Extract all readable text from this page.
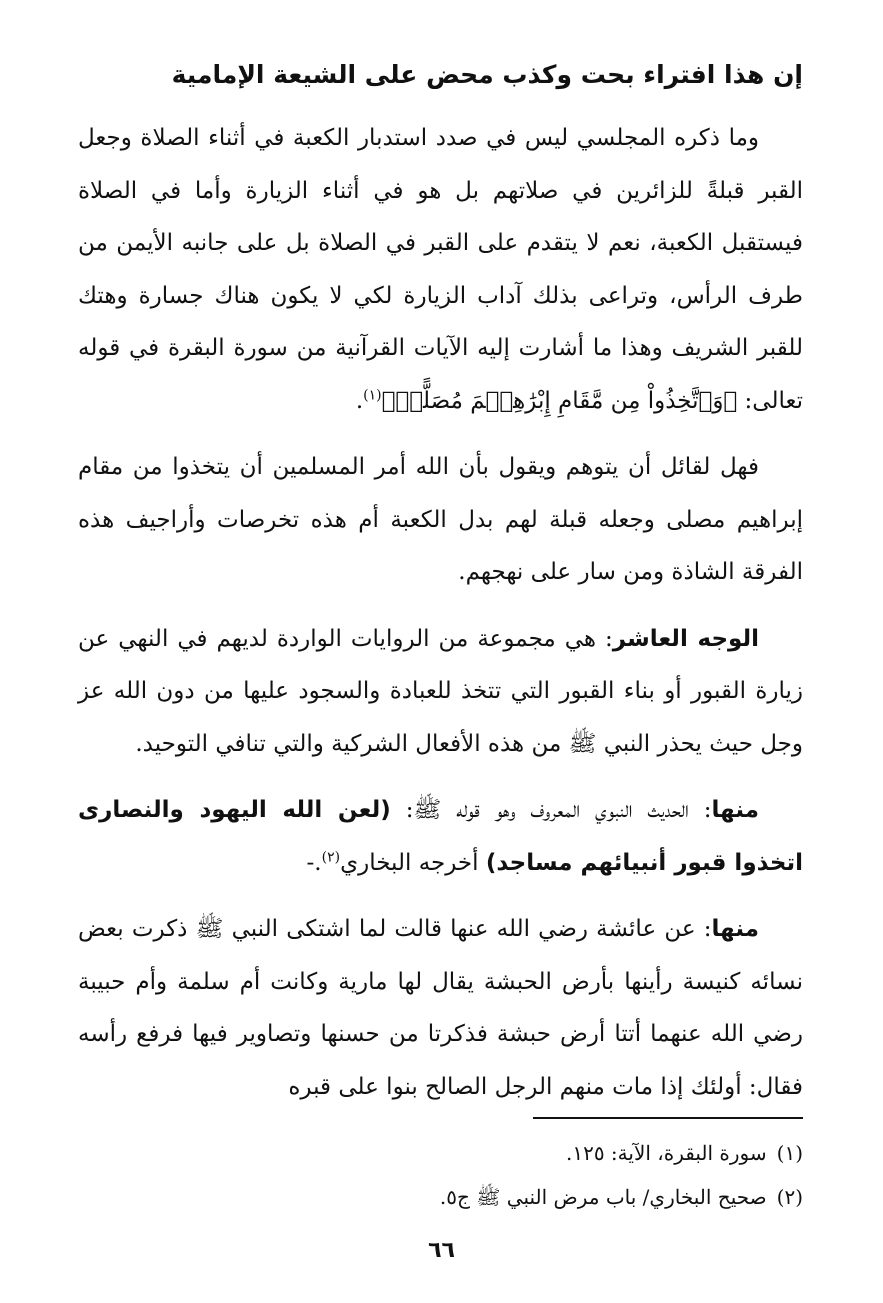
إن هذا افتراء بحت وكذب محض على الشيعة الإمامية

وما ذكره المجلسي ليس في صدد استدبار الكعبة في أثناء الصلاة وجعل القبر قبلةً للزائرين في صلاتهم بل هو في أثناء الزيارة وأما في الصلاة فيستقبل الكعبة، نعم لا يتقدم على القبر في الصلاة بل على جانبه الأيمن من طرف الرأس، وتراعى بذلك آداب الزيارة لكي لا يكون هناك جسارة وهتك للقبر الشريف وهذا ما أشارت إليه الآيات القرآنية من سورة البقرة في قوله تعالى: ﴿وَٱتَّخِذُواْ مِن مَّقَامِ إِبْرَٰهِـۧمَ مُصَلًّىۖ﴾$^{(١)}$.

فهل لقائل أن يتوهم ويقول بأن الله أمر المسلمين أن يتخذوا من مقام إبراهيم مصلى وجعله قبلة لهم بدل الكعبة أم هذه تخرصات وأراجيف هذه الفرقة الشاذة ومن سار على نهجهم.

الوجه العاشر: هي مجموعة من الروايات الواردة لديهم في النهي عن زيارة القبور أو بناء القبور التي تتخذ للعبادة والسجود عليها من دون الله عز وجل حيث يحذر النبي ﷺ من هذه الأفعال الشركية والتي تنافي التوحيد.

منها: الحديث النبوي المعروف وهو قوله ﷺ: (لعن الله اليهود والنصارى اتخذوا قبور أنبيائهم مساجد) أخرجه البخاري$^{(٢)}$.-

منها: عن عائشة رضي الله عنها قالت لما اشتكى النبي ﷺ ذكرت بعض نسائه كنيسة رأينها بأرض الحبشة يقال لها مارية وكانت أم سلمة وأم حبيبة رضي الله عنهما أتتا أرض حبشة فذكرتا من حسنها وتصاوير فيها فرفع رأسه فقال: أولئك إذا مات منهم الرجل الصالح بنوا على قبره

(١)سورة البقرة، الآية: ١٢٥.

(٢)صحيح البخاري/ باب مرض النبي ﷺ ج٥.

٦٦
